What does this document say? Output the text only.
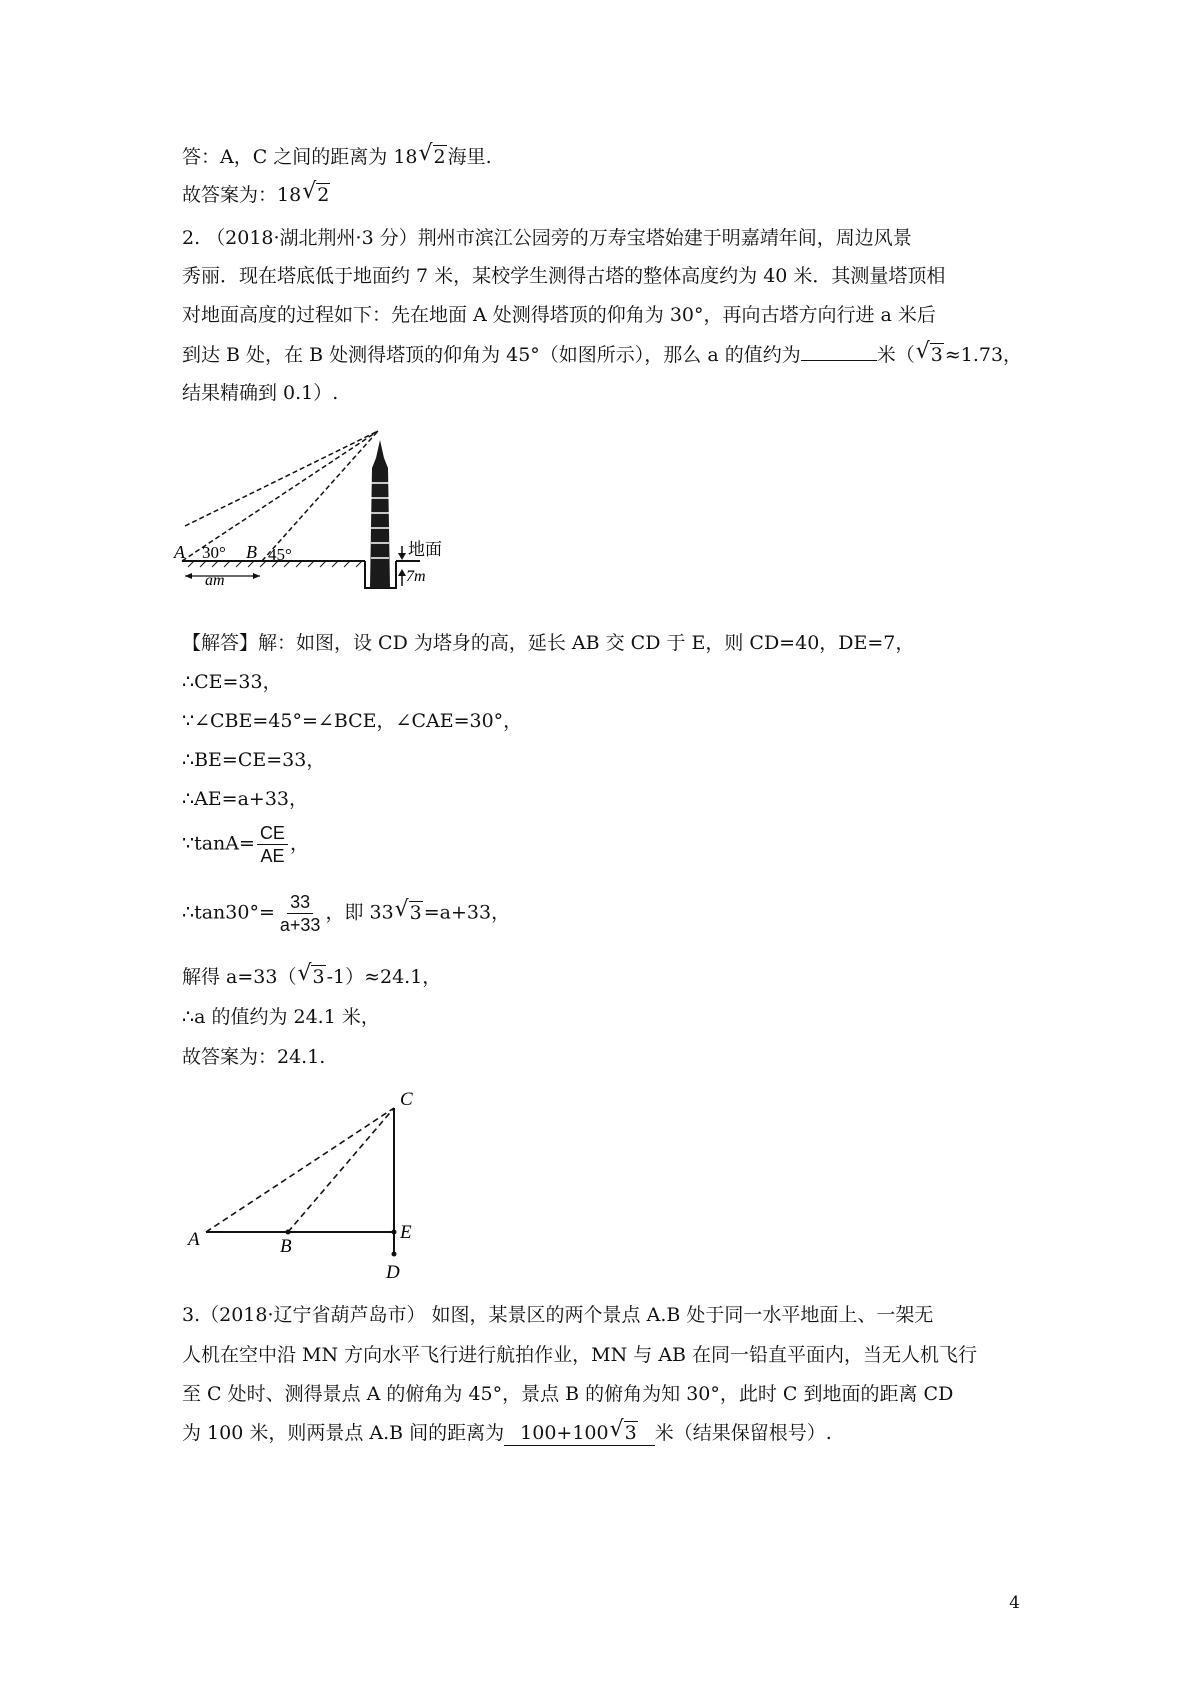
答：A，C 之间的距离为 18 √ 2 海里.
故答案为：18 √ 2
2. （2018·湖北荆州·3 分）荆州市滨江公园旁的万寿宝塔始建于明嘉靖年间，周边风景
秀丽．现在塔底低于地面约 7 米，某校学生测得古塔的整体高度约为 40 米．其测量塔顶相
对地面高度的过程如下：先在地面 A 处测得塔顶的仰角为 30°，再向古塔方向行进 a 米后
到达 B 处，在 B 处测得塔顶的仰角为 45°（如图所示），那么 a 的值约为	米（ √ 3 ≈1.73，
结果精确到 0.1）.
A 30° B 45°	地面
am	7m
【解答】解：如图，设 CD 为塔身的高，延长 AB 交 CD 于 E，则 CD=40，DE=7，
∴CE=33，
∵∠CBE=45°=∠BCE，∠CAE=30°，
∴BE=CE=33，
∴AE=a+33，
∵tanA= $\frac{CE}{AE}$ ，
∴tan30°= $\frac{33}{a+33}$ ，即 33 √ 3 =a+33，
解得 a=33（ √ 3 -1）≈24.1，
∴a 的值约为 24.1 米，
故答案为：24.1.
C
A	B
E
D
3.（2018·辽宁省葫芦岛市） 如图，某景区的两个景点 A.B 处于同一水平地面上、一架无
人机在空中沿 MN 方向水平飞行进行航拍作业，MN 与 AB 在同一铅直平面内，当无人机飞行
至 C 处时、测得景点 A 的俯角为 45°，景点 B 的俯角为知 30°，此时 C 到地面的距离 CD
为 100 米，则两景点 A.B 间的距离为 100+100 √ 3 米（结果保留根号）.
4
